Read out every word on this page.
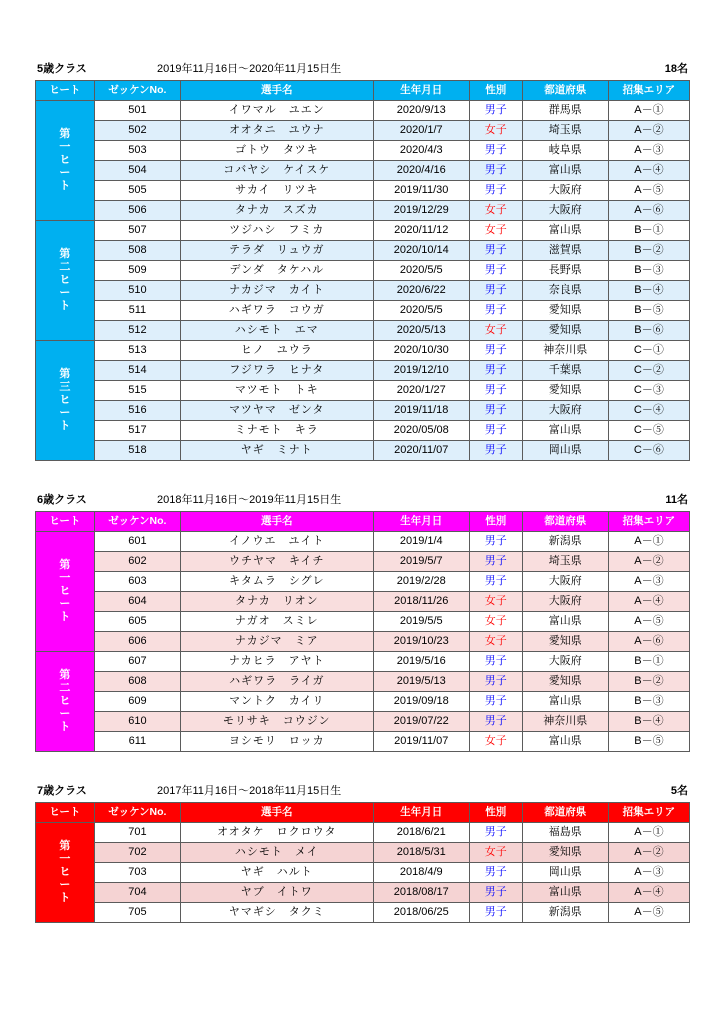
5歳クラス	2019年11月16日～2020年11月15日生	18名
ヒート	ゼッケンNo.	選手名	生年月日	性別	都道府県	招集エリア

第
一
ヒ
ー
ト	501	イワマル　ユエン	2020/9/13	男子	群馬県	A－①
	502	オオタニ　ユウナ	2020/1/7	女子	埼玉県	A－②
	503	ゴトウ　タツキ	2020/4/3	男子	岐阜県	A－③
	504	コバヤシ　ケイスケ	2020/4/16	男子	富山県	A－④
	505	サカイ　リツキ	2019/11/30	男子	大阪府	A－⑤
	506	タナカ　スズカ	2019/12/29	女子	大阪府	A－⑥

第
二
ヒ
ー
ト	507	ツジハシ　フミカ	2020/11/12	女子	富山県	B－①
	508	テラダ　リュウガ	2020/10/14	男子	滋賀県	B－②
	509	デンダ　タケハル	2020/5/5	男子	長野県	B－③
	510	ナカジマ　カイト	2020/6/22	男子	奈良県	B－④
	511	ハギワラ　コウガ	2020/5/5	男子	愛知県	B－⑤
	512	ハシモト　エマ	2020/5/13	女子	愛知県	B－⑥

第
三
ヒ
ー
ト	513	ヒノ　ユウラ	2020/10/30	男子	神奈川県	C－①
	514	フジワラ　ヒナタ	2019/12/10	男子	千葉県	C－②
	515	マツモト　トキ	2020/1/27	男子	愛知県	C－③
	516	マツヤマ　ゼンタ	2019/11/18	男子	大阪府	C－④
	517	ミナモト　キラ	2020/05/08	男子	富山県	C－⑤
	518	ヤギ　ミナト	2020/11/07	男子	岡山県	C－⑥
6歳クラス	2018年11月16日～2019年11月15日生	11名
ヒート	ゼッケンNo.	選手名	生年月日	性別	都道府県	招集エリア

第
一
ヒ
ー
ト	601	イノウエ　ユイト	2019/1/4	男子	新潟県	A－①
	602	ウチヤマ　キイチ	2019/5/7	男子	埼玉県	A－②
	603	キタムラ　シグレ	2019/2/28	男子	大阪府	A－③
	604	タナカ　リオン	2018/11/26	女子	大阪府	A－④
	605	ナガオ　スミレ	2019/5/5	女子	富山県	A－⑤
	606	ナカジマ　ミア	2019/10/23	女子	愛知県	A－⑥

第
二
ヒ
ー
ト	607	ナカヒラ　アヤト	2019/5/16	男子	大阪府	B－①
	608	ハギワラ　ライガ	2019/5/13	男子	愛知県	B－②
	609	マントク　カイリ	2019/09/18	男子	富山県	B－③
	610	モリサキ　コウジン	2019/07/22	男子	神奈川県	B－④
	611	ヨシモリ　ロッカ	2019/11/07	女子	富山県	B－⑤
7歳クラス	2017年11月16日～2018年11月15日生	5名
ヒート	ゼッケンNo.	選手名	生年月日	性別	都道府県	招集エリア

第
一
ヒ
ー
ト	701	オオタケ　ロクロウタ	2018/6/21	男子	福島県	A－①
	702	ハシモト　メイ	2018/5/31	女子	愛知県	A－②
	703	ヤギ　ハルト	2018/4/9	男子	岡山県	A－③
	704	ヤブ　イトワ	2018/08/17	男子	富山県	A－④
	705	ヤマギシ　タクミ	2018/06/25	男子	新潟県	A－⑤
